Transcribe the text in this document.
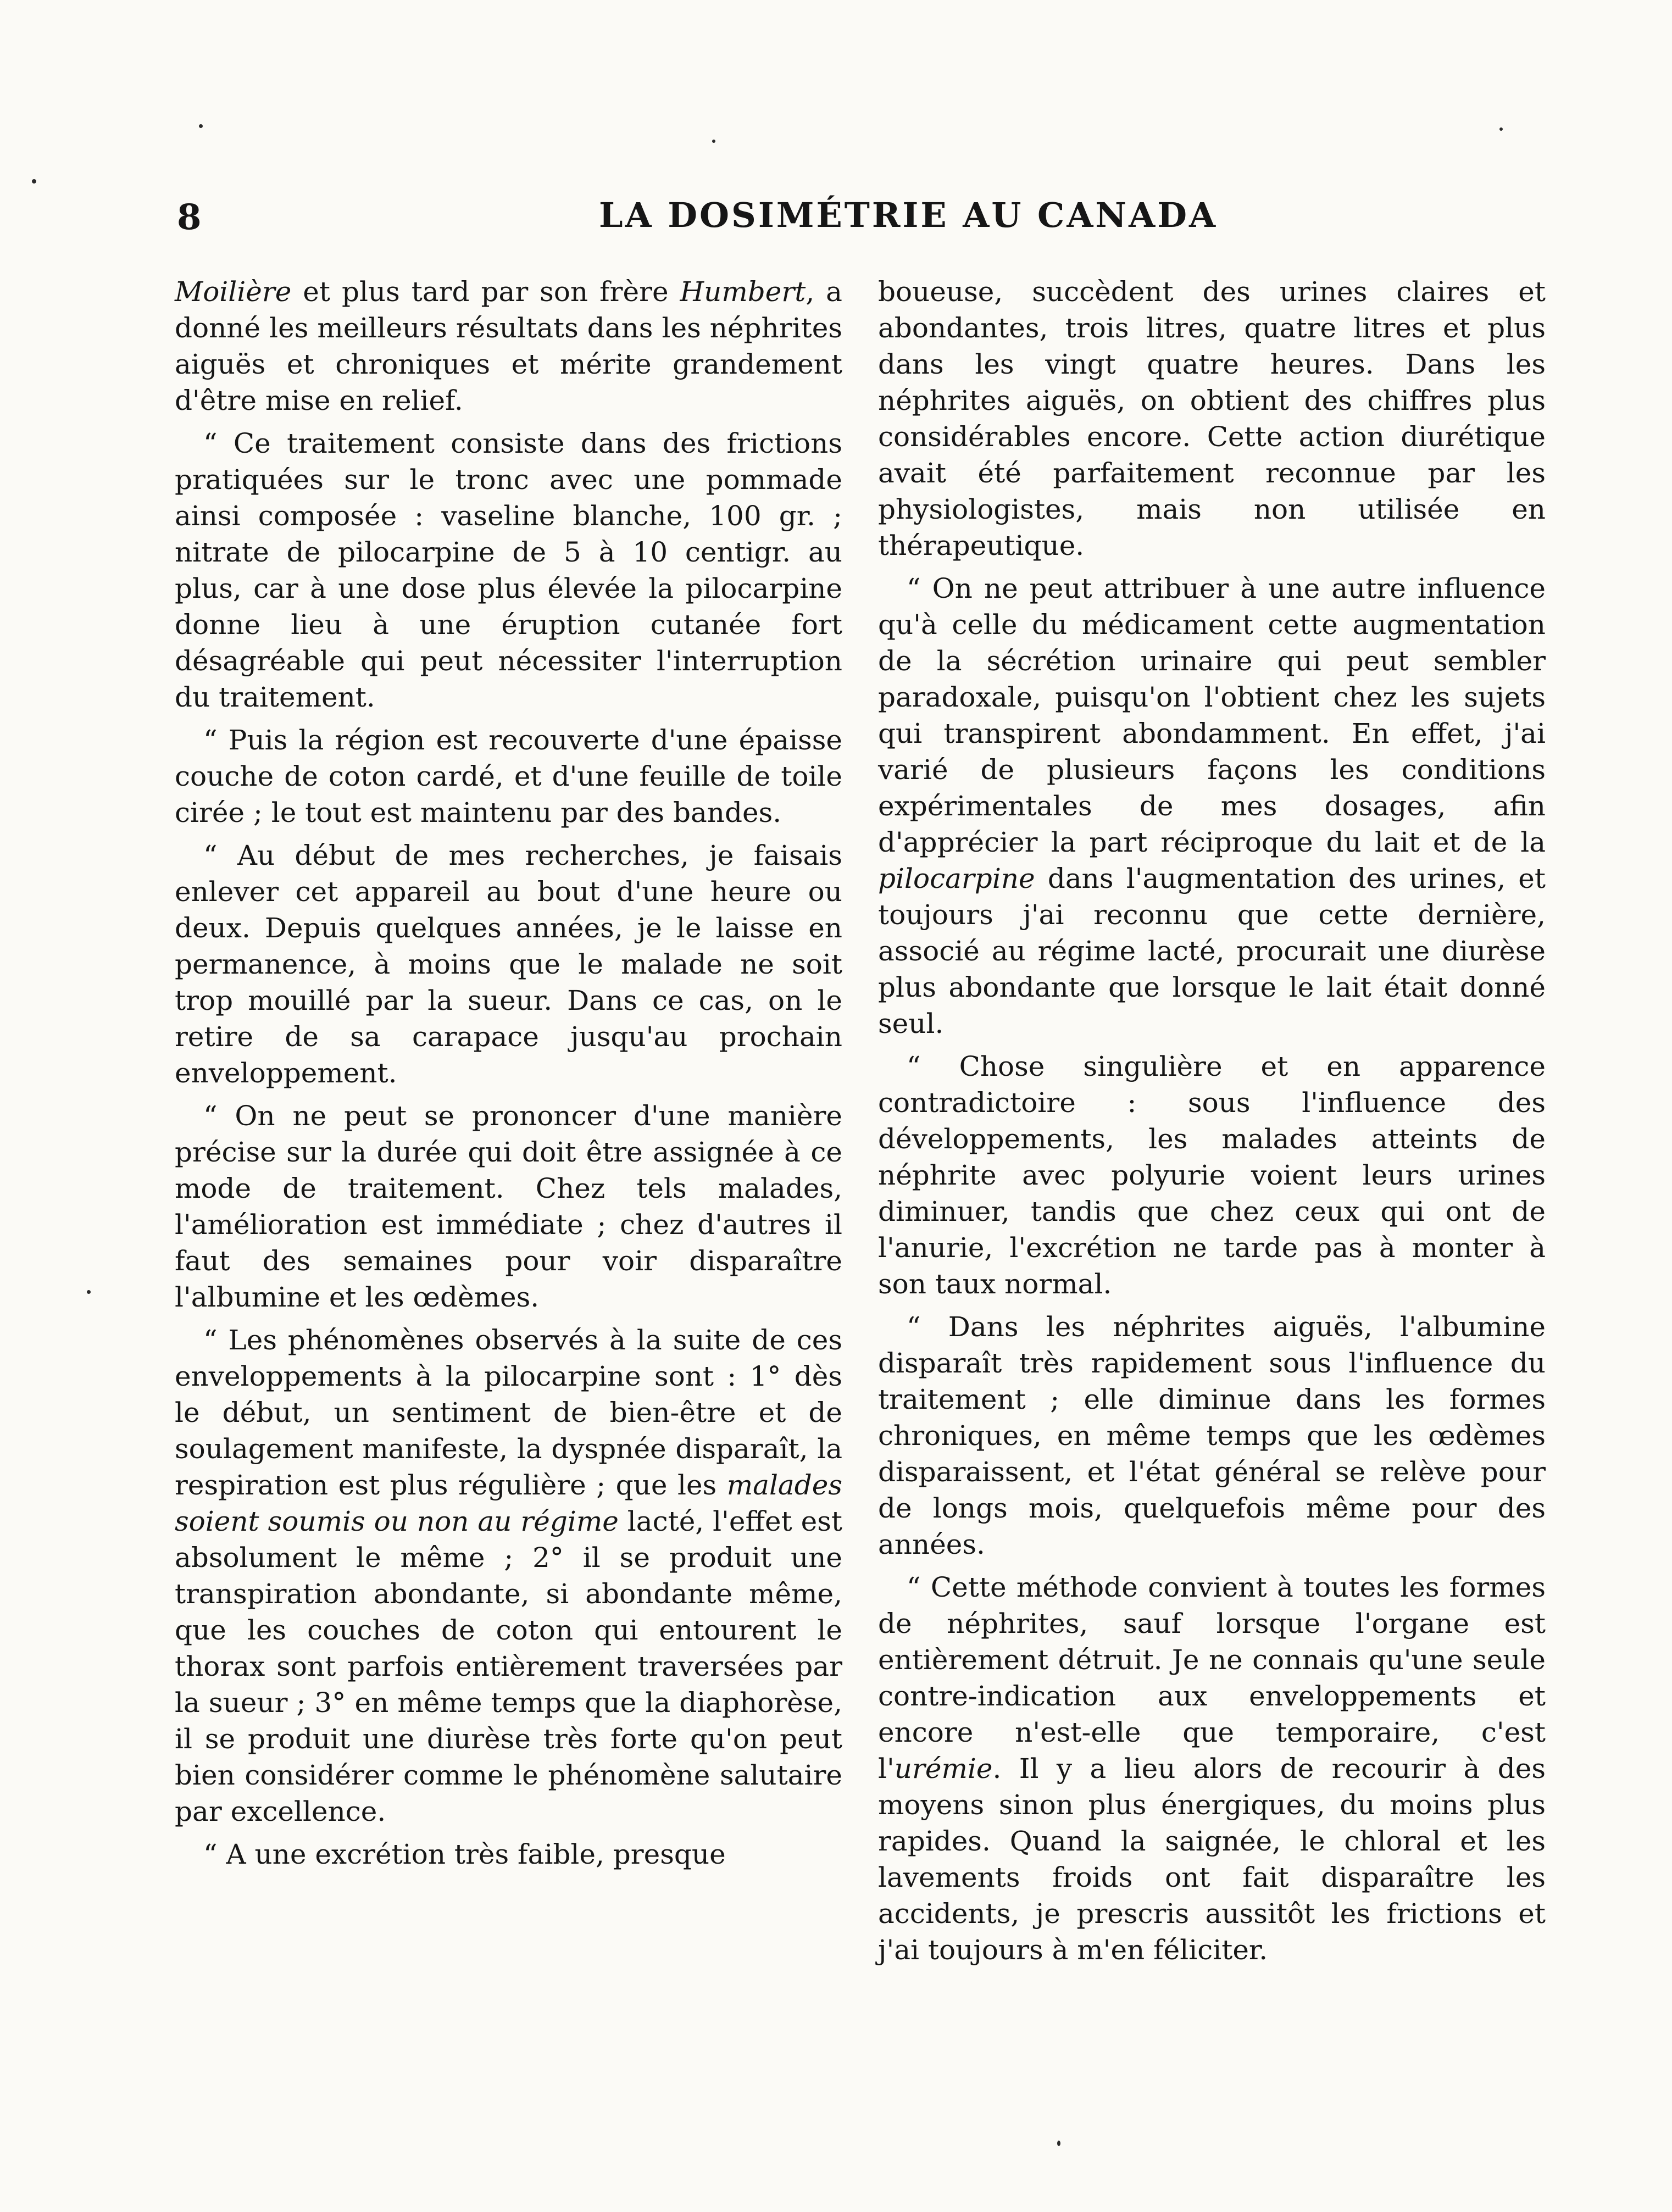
8	LA DOSIMÉTRIE AU CANADA

Moilière et plus tard par son frère Humbert, a donné les meilleurs résultats dans les néphrites aiguës et chroniques et mérite grandement d'être mise en relief.

“ Ce traitement consiste dans des frictions pratiquées sur le tronc avec une pommade ainsi composée : vaseline blanche, 100 gr. ; nitrate de pilocarpine de 5 à 10 centigr. au plus, car à une dose plus élevée la pilocarpine donne lieu à une éruption cutanée fort désagréable qui peut nécessiter l'interruption du traitement.

“ Puis la région est recouverte d'une épaisse couche de coton cardé, et d'une feuille de toile cirée ; le tout est maintenu par des bandes.

“ Au début de mes recherches, je faisais enlever cet appareil au bout d'une heure ou deux. Depuis quelques années, je le laisse en permanence, à moins que le malade ne soit trop mouillé par la sueur. Dans ce cas, on le retire de sa carapace jusqu'au prochain enveloppement.

“ On ne peut se prononcer d'une manière précise sur la durée qui doit être assignée à ce mode de traitement. Chez tels malades, l'amélioration est immédiate ; chez d'autres il faut des semaines pour voir disparaître l'albumine et les œdèmes.

“ Les phénomènes observés à la suite de ces enveloppements à la pilocarpine sont : 1° dès le début, un sentiment de bien-être et de soulagement manifeste, la dyspnée disparaît, la respiration est plus régulière ; que les malades soient soumis ou non au régime lacté, l'effet est absolument le même ; 2° il se produit une transpiration abondante, si abondante même, que les couches de coton qui entourent le thorax sont parfois entièrement traversées par la sueur ; 3° en même temps que la diaphorèse, il se produit une diurèse très forte qu'on peut bien considérer comme le phénomène salutaire par excellence.

“ A une excrétion très faible, presque

boueuse, succèdent des urines claires et abondantes, trois litres, quatre litres et plus dans les vingt quatre heures. Dans les néphrites aiguës, on obtient des chiffres plus considérables encore. Cette action diurétique avait été parfaitement reconnue par les physiologistes, mais non utilisée en thérapeutique.

“ On ne peut attribuer à une autre influence qu'à celle du médicament cette augmentation de la sécrétion urinaire qui peut sembler paradoxale, puisqu'on l'obtient chez les sujets qui transpirent abondamment. En effet, j'ai varié de plusieurs façons les conditions expérimentales de mes dosages, afin d'apprécier la part réciproque du lait et de la pilocarpine dans l'augmentation des urines, et toujours j'ai reconnu que cette dernière, associé au régime lacté, procurait une diurèse plus abondante que lorsque le lait était donné seul.

“ Chose singulière et en apparence contradictoire : sous l'influence des développements, les malades atteints de néphrite avec polyurie voient leurs urines diminuer, tandis que chez ceux qui ont de l'anurie, l'excrétion ne tarde pas à monter à son taux normal.

“ Dans les néphrites aiguës, l'albumine disparaît très rapidement sous l'influence du traitement ; elle diminue dans les formes chroniques, en même temps que les œdèmes disparaissent, et l'état général se relève pour de longs mois, quelquefois même pour des années.

“ Cette méthode convient à toutes les formes de néphrites, sauf lorsque l'organe est entièrement détruit. Je ne connais qu'une seule contre-indication aux enveloppements et encore n'est-elle que temporaire, c'est l'urémie. Il y a lieu alors de recourir à des moyens sinon plus énergiques, du moins plus rapides. Quand la saignée, le chloral et les lavements froids ont fait disparaître les accidents, je prescris aussitôt les frictions et j'ai toujours à m'en féliciter.
